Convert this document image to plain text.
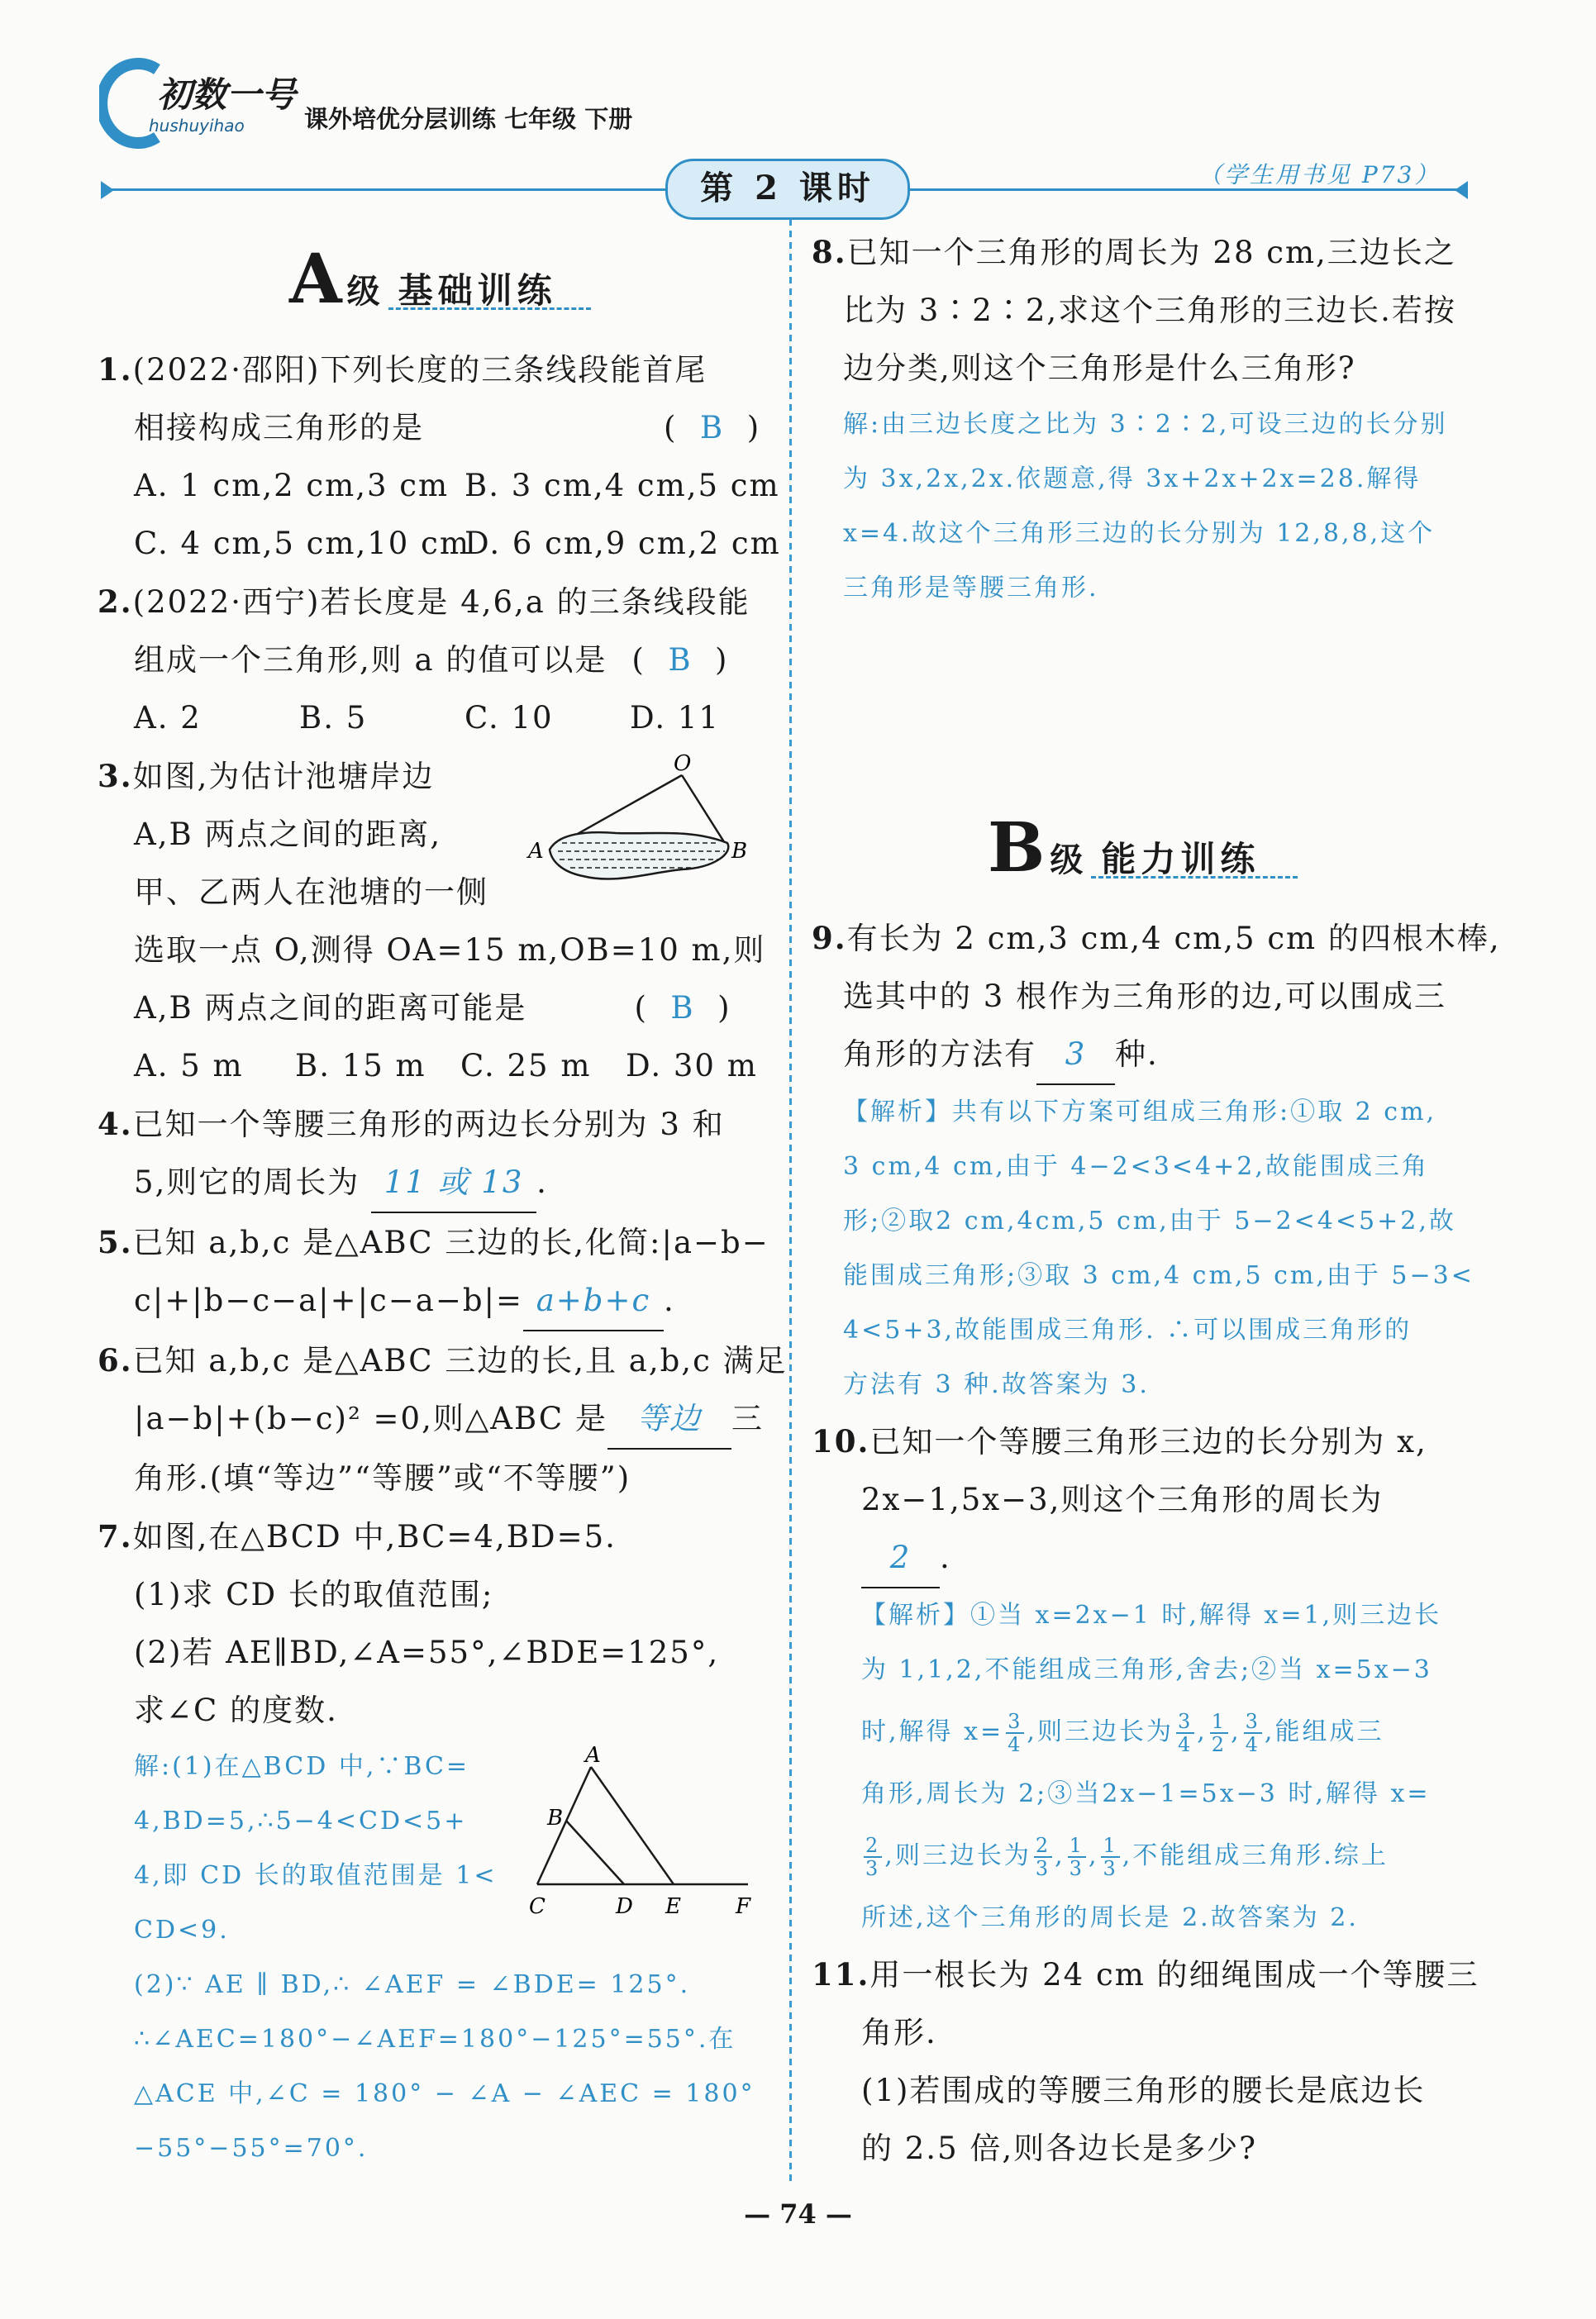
初数一号
hushuyihao 课外培优分层训练 七年级 下册
第 2 课时	（学生用书见 P73）
A级 基础训练
1.(2022·邵阳)下列长度的三条线段能首尾
相接构成三角形的是	(  B  )
A. 1 cm,2 cm,3 cm B. 3 cm,4 cm,5 cm
C. 4 cm,5 cm,10 cmD. 6 cm,9 cm,2 cm
2.(2022·西宁)若长度是 4,6,a 的三条线段能
组成一个三角形,则 a 的值可以是 (  B  )
A. 2	B. 5	C. 10 D. 11
3.如图,为估计池塘岸边
A,B 两点之间的距离,
甲、乙两人在池塘的一侧
选取一点 O,测得 OA=15 m,OB=10 m,则
A,B 两点之间的距离可能是	(  B  )
A. 5 m B. 15 m C. 25 m D. 30 m
4.已知一个等腰三角形的两边长分别为 3 和
5,则它的周长为 11 或 13 .
5.已知 a,b,c 是△ABC 三边的长,化简:|a−b−
c|+|b−c−a|+|c−a−b|= a+b+c .
6.已知 a,b,c 是△ABC 三边的长,且 a,b,c 满足
|a−b|+(b−c)² =0,则△ABC 是 等边 三
角形.(填“等边”“等腰”或“不等腰”)
7.如图,在△BCD 中,BC=4,BD=5.
(1)求 CD 长的取值范围;
(2)若 AE∥BD,∠A=55°,∠BDE=125°,
求∠C 的度数.
解:(1)在△BCD 中,∵BC=
4,BD=5,∴5−4<CD<5+
4,即 CD 长的取值范围是 1<
CD<9.
(2)∵ AE ∥ BD,∴ ∠AEF = ∠BDE= 125°.
∴∠AEC=180°−∠AEF=180°−125°=55°.在
△ACE 中,∠C = 180° − ∠A − ∠AEC = 180°
−55°−55°=70°.
O
A	B
A
B
C	D E	F
8.已知一个三角形的周长为 28 cm,三边长之
比为 3∶2∶2,求这个三角形的三边长.若按
边分类,则这个三角形是什么三角形?
解:由三边长度之比为 3∶2∶2,可设三边的长分别
为 3x,2x,2x.依题意,得 3x+2x+2x=28.解得
x=4.故这个三角形三边的长分别为 12,8,8,这个
三角形是等腰三角形.
B级 能力训练
9.有长为 2 cm,3 cm,4 cm,5 cm 的四根木棒,
选其中的 3 根作为三角形的边,可以围成三
角形的方法有 3 种.
【解析】共有以下方案可组成三角形:①取 2 cm,
3 cm,4 cm,由于 4−2<3<4+2,故能围成三角
形;②取2 cm,4cm,5 cm,由于 5−2<4<5+2,故
能围成三角形;③取 3 cm,4 cm,5 cm,由于 5−3<
4<5+3,故能围成三角形. ∴可以围成三角形的
方法有 3 种.故答案为 3.
10.已知一个等腰三角形三边的长分别为 x,
2x−1,5x−3,则这个三角形的周长为
2 .
【解析】①当 x=2x−1 时,解得 x=1,则三边长
为 1,1,2,不能组成三角形,舍去;②当 x=5x−3
时,解得 $x= \frac{3}{4}$ ,则三边长为 $\frac{3}{4}$ , $\frac{1}{2}$ , $\frac{3}{4}$ ,能组成三
角形,周长为 2;③当2x−1=5x−3 时,解得 x=
$\frac{2}{3}$ ,则三边长为 $\frac{2}{3}$ , $\frac{1}{3}$ , $\frac{1}{3}$ ,不能组成三角形.综上
所述,这个三角形的周长是 2.故答案为 2.
11.用一根长为 24 cm 的细绳围成一个等腰三
角形.
(1)若围成的等腰三角形的腰长是底边长
的 2.5 倍,则各边长是多少?
— 74 —
